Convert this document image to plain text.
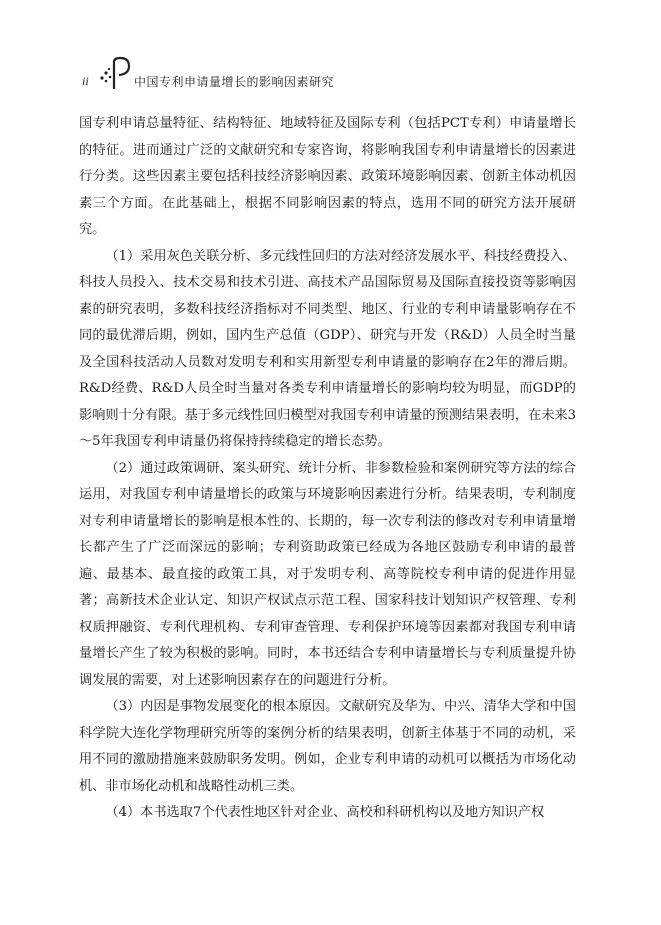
ii	中国专利申请量增长的影响因素研究

国专利申请总量特征、结构特征、地域特征及国际专利（包括PCT专利）申请量增长的特征。进而通过广泛的文献研究和专家咨询，将影响我国专利申请量增长的因素进行分类。这些因素主要包括科技经济影响因素、政策环境影响因素、创新主体动机因素三个方面。在此基础上，根据不同影响因素的特点，选用不同的研究方法开展研究。

（1）采用灰色关联分析、多元线性回归的方法对经济发展水平、科技经费投入、科技人员投入、技术交易和技术引进、高技术产品国际贸易及国际直接投资等影响因素的研究表明，多数科技经济指标对不同类型、地区、行业的专利申请量影响存在不同的最优滞后期，例如，国内生产总值（GDP）、研究与开发（R&D）人员全时当量及全国科技活动人员数对发明专利和实用新型专利申请量的影响存在2年的滞后期。R&D经费、R&D人员全时当量对各类专利申请量增长的影响均较为明显，而GDP的影响则十分有限。基于多元线性回归模型对我国专利申请量的预测结果表明，在未来3～5年我国专利申请量仍将保持持续稳定的增长态势。

（2）通过政策调研、案头研究、统计分析、非参数检验和案例研究等方法的综合运用，对我国专利申请量增长的政策与环境影响因素进行分析。结果表明，专利制度对专利申请量增长的影响是根本性的、长期的，每一次专利法的修改对专利申请量增长都产生了广泛而深远的影响；专利资助政策已经成为各地区鼓励专利申请的最普遍、最基本、最直接的政策工具，对于发明专利、高等院校专利申请的促进作用显著；高新技术企业认定、知识产权试点示范工程、国家科技计划知识产权管理、专利权质押融资、专利代理机构、专利审查管理、专利保护环境等因素都对我国专利申请量增长产生了较为积极的影响。同时，本书还结合专利申请量增长与专利质量提升协调发展的需要，对上述影响因素存在的问题进行分析。

（3）内因是事物发展变化的根本原因。文献研究及华为、中兴、清华大学和中国科学院大连化学物理研究所等的案例分析的结果表明，创新主体基于不同的动机，采用不同的激励措施来鼓励职务发明。例如，企业专利申请的动机可以概括为市场化动机、非市场化动机和战略性动机三类。

（4）本书选取7个代表性地区针对企业、高校和科研机构以及地方知识产权
